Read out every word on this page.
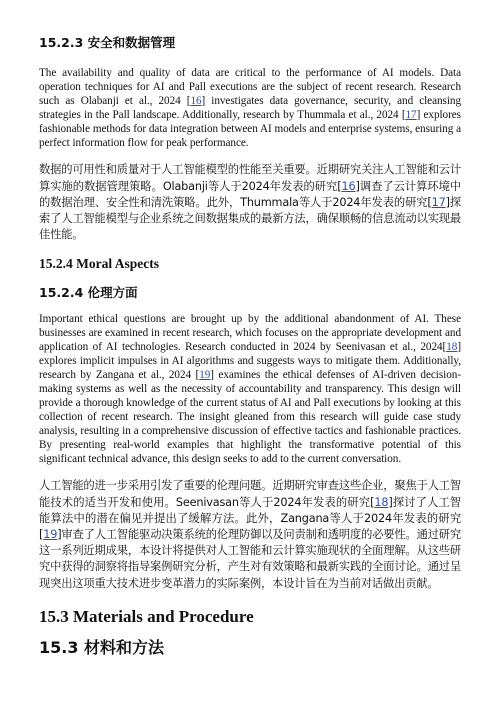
15.2.3 安全和数据管理

The availability and quality of data are critical to the performance of AI models. Data operation techniques for AI and Pall executions are the subject of recent research. Research such as Olabanji et al., 2024 [16] investigates data governance, security, and cleansing strategies in the Pall landscape. Additionally, research by Thummala et al., 2024 [17] explores fashionable methods for data integration between AI models and enterprise systems, ensuring a perfect information flow for peak performance.

数据的可用性和质量对于人工智能模型的性能至关重要。近期研究关注人工智能和云计算实施的数据管理策略。Olabanji等人于2024年发表的研究[16]调查了云计算环境中的数据治理、安全性和清洗策略。此外，Thummala等人于2024年发表的研究[17]探索了人工智能模型与企业系统之间数据集成的最新方法，确保顺畅的信息流动以实现最佳性能。

15.2.4 Moral Aspects
15.2.4 伦理方面

Important ethical questions are brought up by the additional abandonment of AI. These businesses are examined in recent research, which focuses on the appropriate development and application of AI technologies. Research conducted in 2024 by Seenivasan et al., 2024[18] explores implicit impulses in AI algorithms and suggests ways to mitigate them. Additionally, research by Zangana et al., 2024 [19] examines the ethical defenses of AI-driven decision-making systems as well as the necessity of accountability and transparency. This design will provide a thorough knowledge of the current status of AI and Pall executions by looking at this collection of recent research. The insight gleaned from this research will guide case study analysis, resulting in a comprehensive discussion of effective tactics and fashionable practices. By presenting real-world examples that highlight the transformative potential of this significant technical advance, this design seeks to add to the current conversation.

人工智能的进一步采用引发了重要的伦理问题。近期研究审查这些企业，聚焦于人工智能技术的适当开发和使用。Seenivasan等人于2024年发表的研究[18]探讨了人工智能算法中的潜在偏见并提出了缓解方法。此外，Zangana等人于2024年发表的研究[19]审查了人工智能驱动决策系统的伦理防御以及问责制和透明度的必要性。通过研究这一系列近期成果，本设计将提供对人工智能和云计算实施现状的全面理解。从这些研究中获得的洞察将指导案例研究分析，产生对有效策略和最新实践的全面讨论。通过呈现突出这项重大技术进步变革潜力的实际案例，本设计旨在为当前对话做出贡献。

15.3 Materials and Procedure
15.3 材料和方法
